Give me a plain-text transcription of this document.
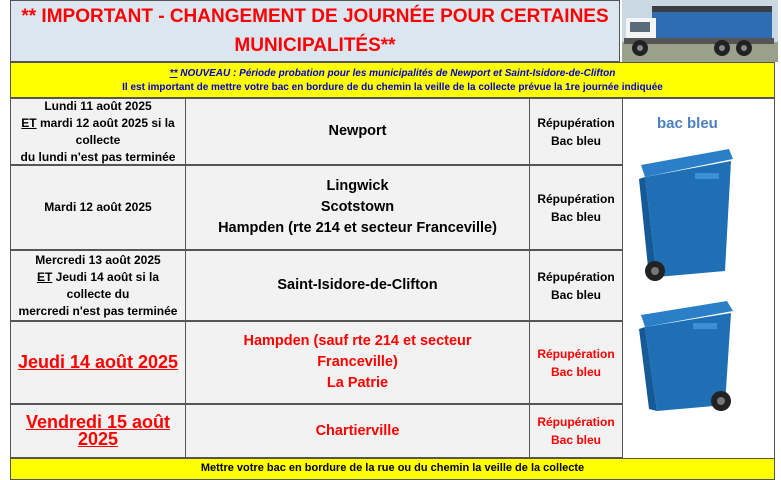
** IMPORTANT - CHANGEMENT DE JOURNÉE POUR CERTAINES
MUNICIPALITÉS**
** NOUVEAU : Période probation pour les municipalités de Newport et Saint-Isidore-de-Clifton
Il est important de mettre votre bac en bordure de du chemin la veille de la collecte prévue la 1re journée indiquée
Lundi 11 août 2025
ET mardi 12 août 2025 si la collecte
du lundi n'est pas terminée
Newport
Répupération
Bac bleu
Mardi 12 août 2025
Lingwick
Scotstown
Hampden (rte 214 et secteur Franceville)
Répupération
Bac bleu
Mercredi 13 août 2025
ET Jeudi 14 août si la collecte du
mercredi n'est pas terminée
Saint-Isidore-de-Clifton
Répupération
Bac bleu
Jeudi 14 août 2025
Hampden (sauf rte 214 et secteur
Franceville)
La Patrie
Répupération
Bac bleu
Vendredi 15 août 2025	Chartierville
Répupération
Bac bleu
bac bleu
Mettre votre bac en bordure de la rue ou du chemin la veille de la collecte
